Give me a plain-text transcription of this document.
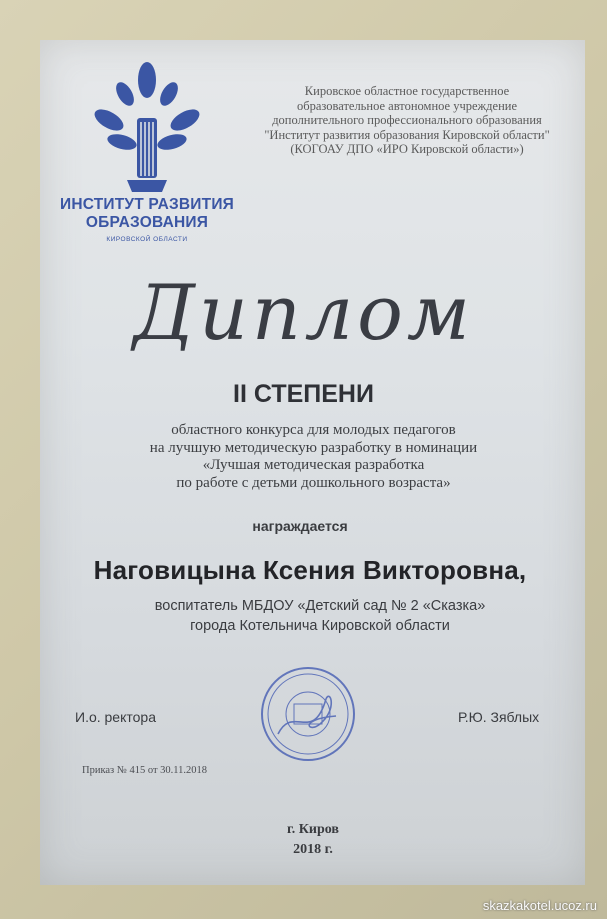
ИНСТИТУТ РАЗВИТИЯ
ОБРАЗОВАНИЯ
КИРОВСКОЙ ОБЛАСТИ
Кировское областное государственное
образовательное автономное учреждение
дополнительного профессионального образования
"Институт развития образования Кировской области"
(КОГОАУ ДПО «ИРО Кировской области»)
Диплом
II СТЕПЕНИ
областного конкурса для молодых педагогов
на лучшую методическую разработку в номинации
«Лучшая методическая разработка
по работе с детьми дошкольного возраста»
награждается
Наговицына Ксения Викторовна,
воспитатель МБДОУ «Детский сад № 2 «Сказка»
города Котельнича Кировской области
И.о. ректора	Р.Ю. Зяблых
Приказ № 415 от 30.11.2018
г. Киров
2018 г.
skazkakotel.ucoz.ru
